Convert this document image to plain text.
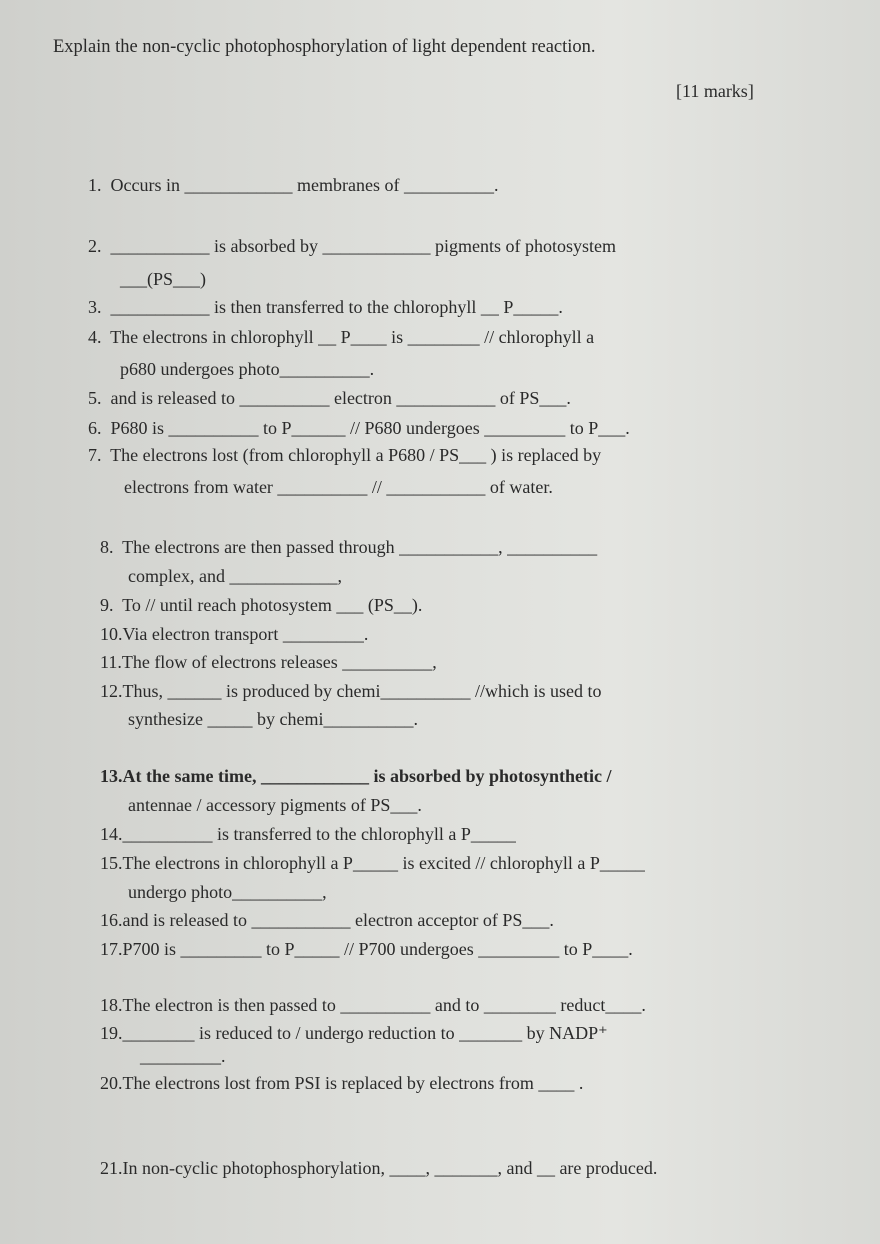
Explain the non-cyclic photophosphorylation of light dependent reaction.
[11 marks]
1.  Occurs in ____________ membranes of __________.
2.  ___________ is absorbed by ____________ pigments of photosystem
___(PS___)
3.  ___________ is then transferred to the chlorophyll __ P_____.
4.  The electrons in chlorophyll __ P____ is ________ // chlorophyll a
p680 undergoes photo__________.
5.  and is released to __________ electron ___________ of PS___.
6.  P680 is __________ to P______ // P680 undergoes _________ to P___.
7.  The electrons lost (from chlorophyll a P680 / PS___ ) is replaced by
electrons from water __________ // ___________ of water.
8.  The electrons are then passed through ___________, __________
complex, and ____________,
9.  To // until reach photosystem ___ (PS__).
10.Via electron transport _________.
11.The flow of electrons releases __________,
12.Thus, ______ is produced by chemi__________ //which is used to
synthesize _____ by chemi__________.
13.At the same time, ____________ is absorbed by photosynthetic /
antennae / accessory pigments of PS___.
14.__________ is transferred to the chlorophyll a P_____
15.The electrons in chlorophyll a P_____ is excited // chlorophyll a P_____
undergo photo__________,
16.and is released to ___________ electron acceptor of PS___.
17.P700 is _________ to P_____ // P700 undergoes _________ to P____.
18.The electron is then passed to __________ and to ________ reduct____.
19.________ is reduced to / undergo reduction to _______ by NADP⁺
_________.
20.The electrons lost from PSI is replaced by electrons from ____ .
21.In non-cyclic photophosphorylation, ____, _______, and __ are produced.
